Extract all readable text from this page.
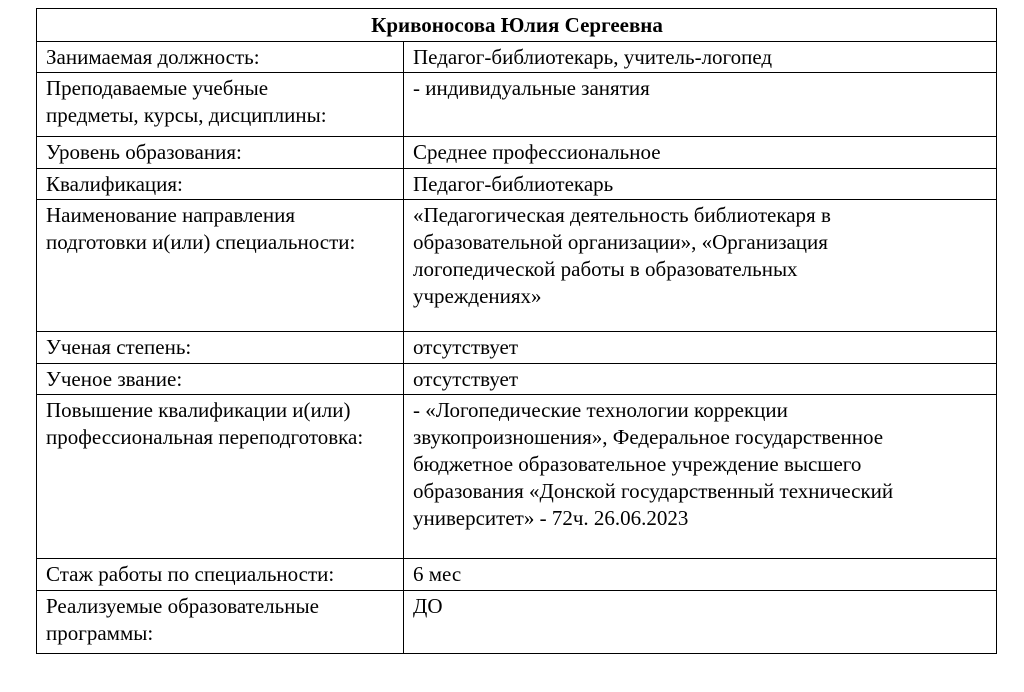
Кривоносова Юлия Сергеевна	

Занимаемая должность:	Педагог-библиотекарь, учитель-логопед

Преподаваемые учебные предметы, курсы, дисциплины:	- индивидуальные занятия

Уровень образования:	Среднее профессиональное

Квалификация:	Педагог-библиотекарь

Наименование направления подготовки и(или) специальности:	«Педагогическая деятельность библиотекаря в образовательной организации», «Организация логопедической работы в образовательных учреждениях»

Ученая степень:	отсутствует

Ученое звание:	отсутствует

Повышение квалификации и(или) профессиональная переподготовка:	- «Логопедические технологии коррекции звукопроизношения», Федеральное государственное бюджетное образовательное учреждение высшего образования «Донской государственный технический университет» - 72ч. 26.06.2023

Стаж работы по специальности:	6 мес

Реализуемые образовательные программы:	ДО
